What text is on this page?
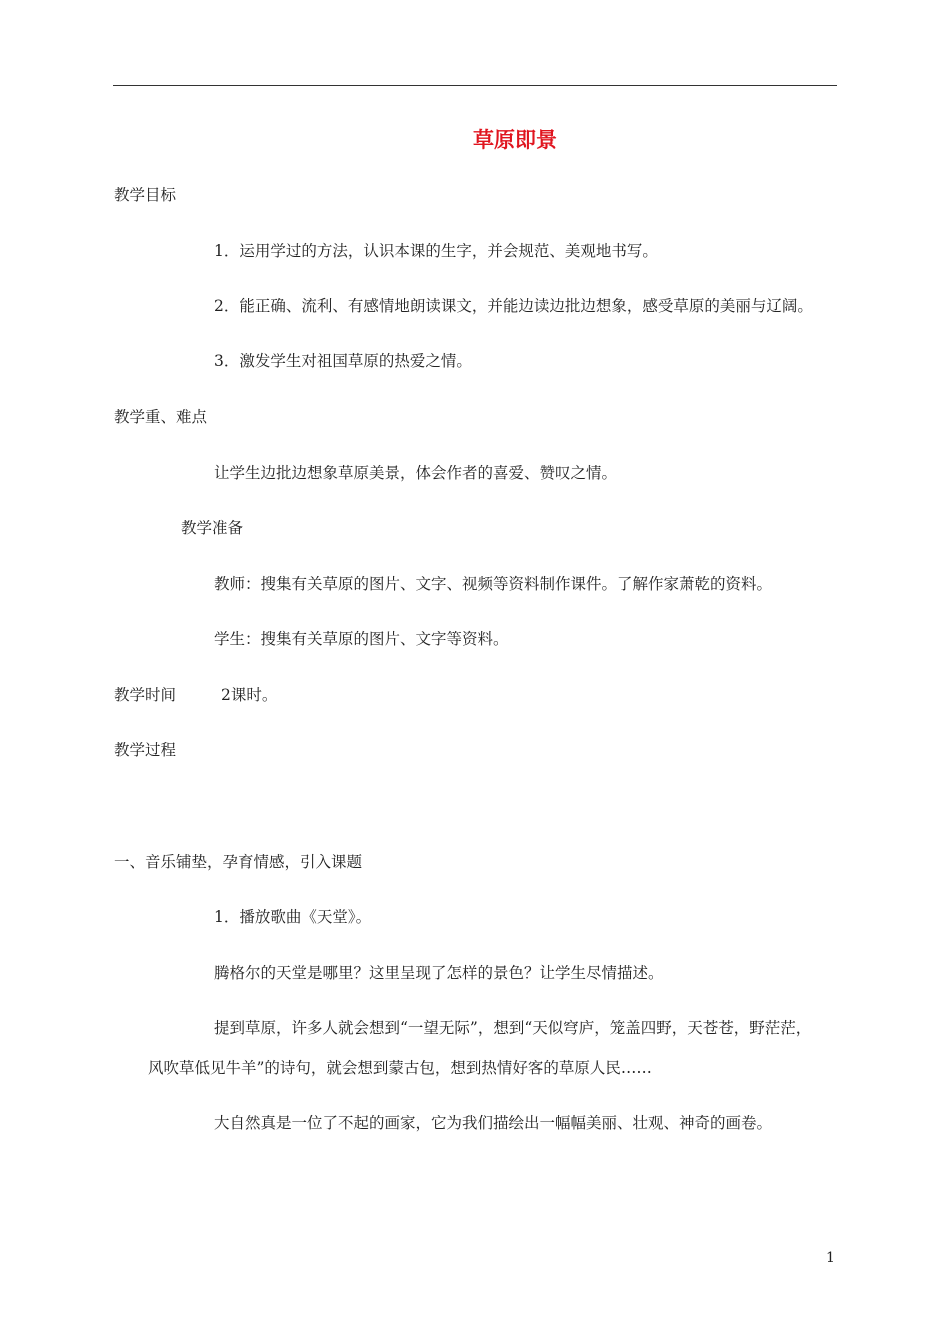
草原即景
教学目标
1．运用学过的方法，认识本课的生字，并会规范、美观地书写。
2．能正确、流利、有感情地朗读课文，并能边读边批边想象，感受草原的美丽与辽阔。
3．激发学生对祖国草原的热爱之情。
教学重、难点
让学生边批边想象草原美景，体会作者的喜爱、赞叹之情。
教学准备
教师：搜集有关草原的图片、文字、视频等资料制作课件。了解作家萧乾的资料。
学生：搜集有关草原的图片、文字等资料。
教学时间	2课时。
教学过程
一、音乐铺垫，孕育情感，引入课题
1．播放歌曲《天堂》。
腾格尔的天堂是哪里？这里呈现了怎样的景色？让学生尽情描述。
提到草原，许多人就会想到“一望无际”，想到“天似穹庐，笼盖四野，天苍苍，野茫茫，
风吹草低见牛羊”的诗句，就会想到蒙古包，想到热情好客的草原人民……
大自然真是一位了不起的画家，它为我们描绘出一幅幅美丽、壮观、神奇的画卷。
1
